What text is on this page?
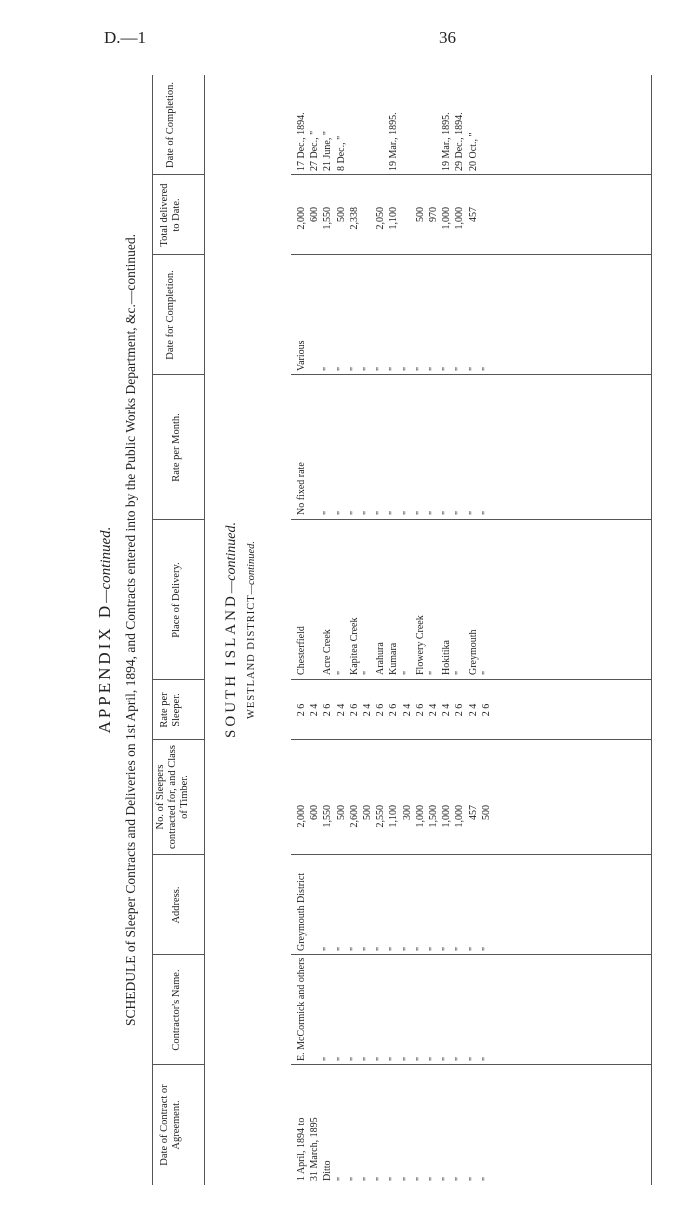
D.—1	36
APPENDIX D—continued. SCHEDULE of Sleeper Contracts and Deliveries on 1st April, 1894, and Contracts entered into by the Public Works Department, &c.—continued.
Date of Contract or Agreement.
Contractor's Name.
Address.
No. of Sleepers contracted for, and Class of Timber.
Rate per Sleeper.
Place of Delivery.
Rate per Month.
Date for Completion.
Total delivered to Date.
Date of Completion.
SOUTH ISLAND—continued.
WESTLAND DISTRICT—continued.
1 April, 1894 to
E. McCormick and others
Greymouth District
2,000
2 6
Chesterfield
No fixed rate
Various
2,000
17 Dec., 1894.
31 March, 1895
600
2 4
600
27 Dec., "
Ditto
"
"
1,550
2 6
Acre Creek
"
"
1,550
21 June, "
"
"
"
500
2 4
"
"
"
500
8 Dec., "
"
"
"
2,600
2 6
Kapitea Creek
"
"
2,338
"
"
"
500
2 4
"
"
"
"
"
"
2,550
2 6
Arahura
"
"
2,050
"
"
"
1,100
2 6
Kumara
"
"
1,100
19 Mar., 1895.
"
"
"
300
2 4
"
"
"
"
"
"
1,000
2 6
Flowery Creek
"
"
500
"
"
"
1,500
2 4
"
"
"
970
"
"
"
1,000
2 4
Hokitika
"
"
1,000
19 Mar., 1895.
"
"
"
1,000
2 6
"
"
"
1,000
29 Dec., 1894.
"
"
"
457
2 4
Greymouth
"
"
457
20 Oct., "
"
"
"
500
2 6
"
"
"
